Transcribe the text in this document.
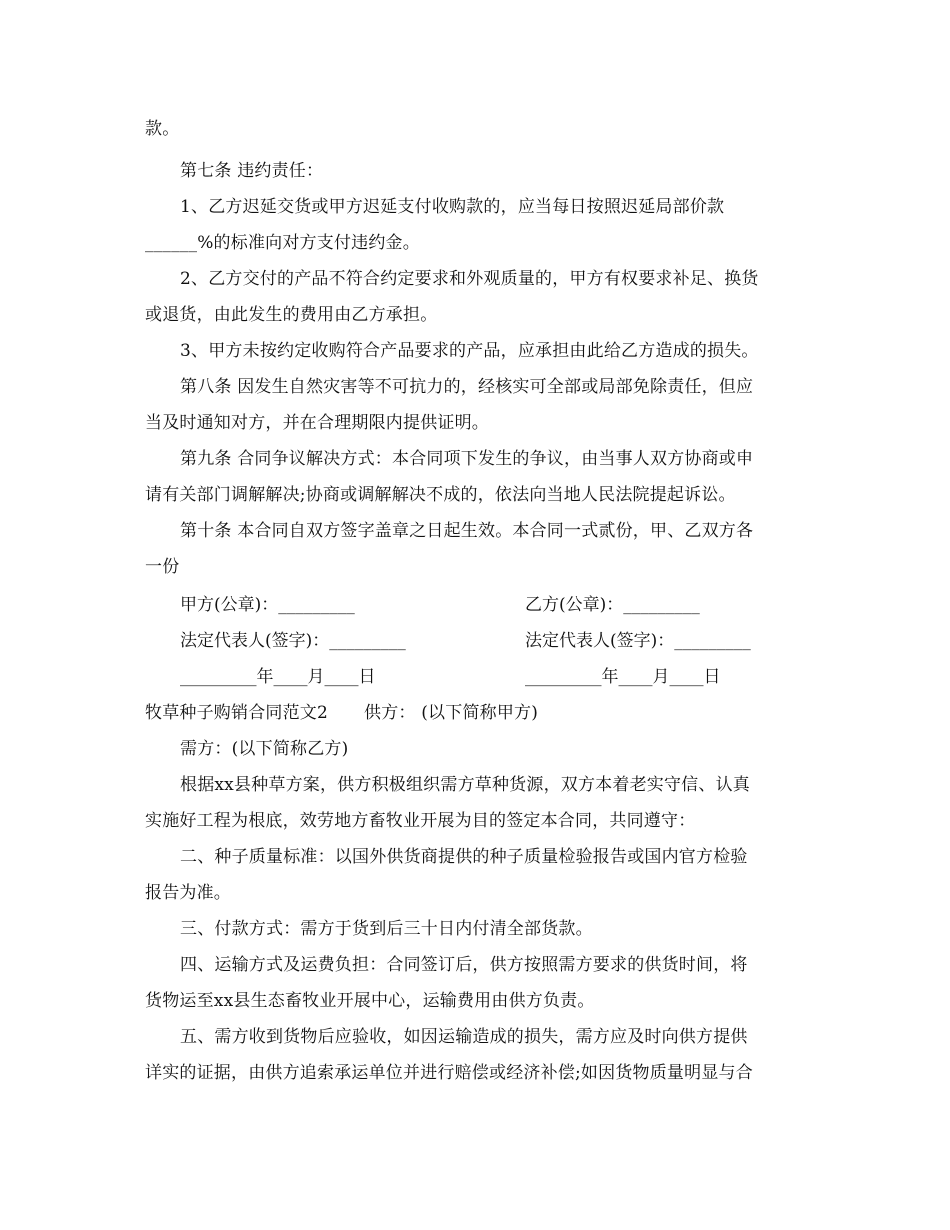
款。
第七条 违约责任：
1、乙方迟延交货或甲方迟延支付收购款的，应当每日按照迟延局部价款
______%的标准向对方支付违约金。
2、乙方交付的产品不符合约定要求和外观质量的，甲方有权要求补足、换货
或退货，由此发生的费用由乙方承担。
3、甲方未按约定收购符合产品要求的产品，应承担由此给乙方造成的损失。
第八条 因发生自然灾害等不可抗力的，经核实可全部或局部免除责任，但应
当及时通知对方，并在合理期限内提供证明。
第九条 合同争议解决方式：本合同项下发生的争议，由当事人双方协商或申
请有关部门调解解决;协商或调解解决不成的，依法向当地人民法院提起诉讼。
第十条 本合同自双方签字盖章之日起生效。本合同一式贰份，甲、乙双方各
一份
甲方(公章)：_________	乙方(公章)：_________
法定代表人(签字)：_________	法定代表人(签字)：_________
_________年____月____日	_________年____月____日
牧草种子购销合同范文2 供方： (以下简称甲方)
需方：(以下简称乙方)
根据xx县种草方案，供方积极组织需方草种货源，双方本着老实守信、认真
实施好工程为根底，效劳地方畜牧业开展为目的签定本合同，共同遵守：
二、种子质量标准：以国外供货商提供的种子质量检验报告或国内官方检验
报告为准。
三、付款方式：需方于货到后三十日内付清全部货款。
四、运输方式及运费负担：合同签订后，供方按照需方要求的供货时间，将
货物运至xx县生态畜牧业开展中心，运输费用由供方负责。
五、需方收到货物后应验收，如因运输造成的损失，需方应及时向供方提供
详实的证据，由供方追索承运单位并进行赔偿或经济补偿;如因货物质量明显与合
